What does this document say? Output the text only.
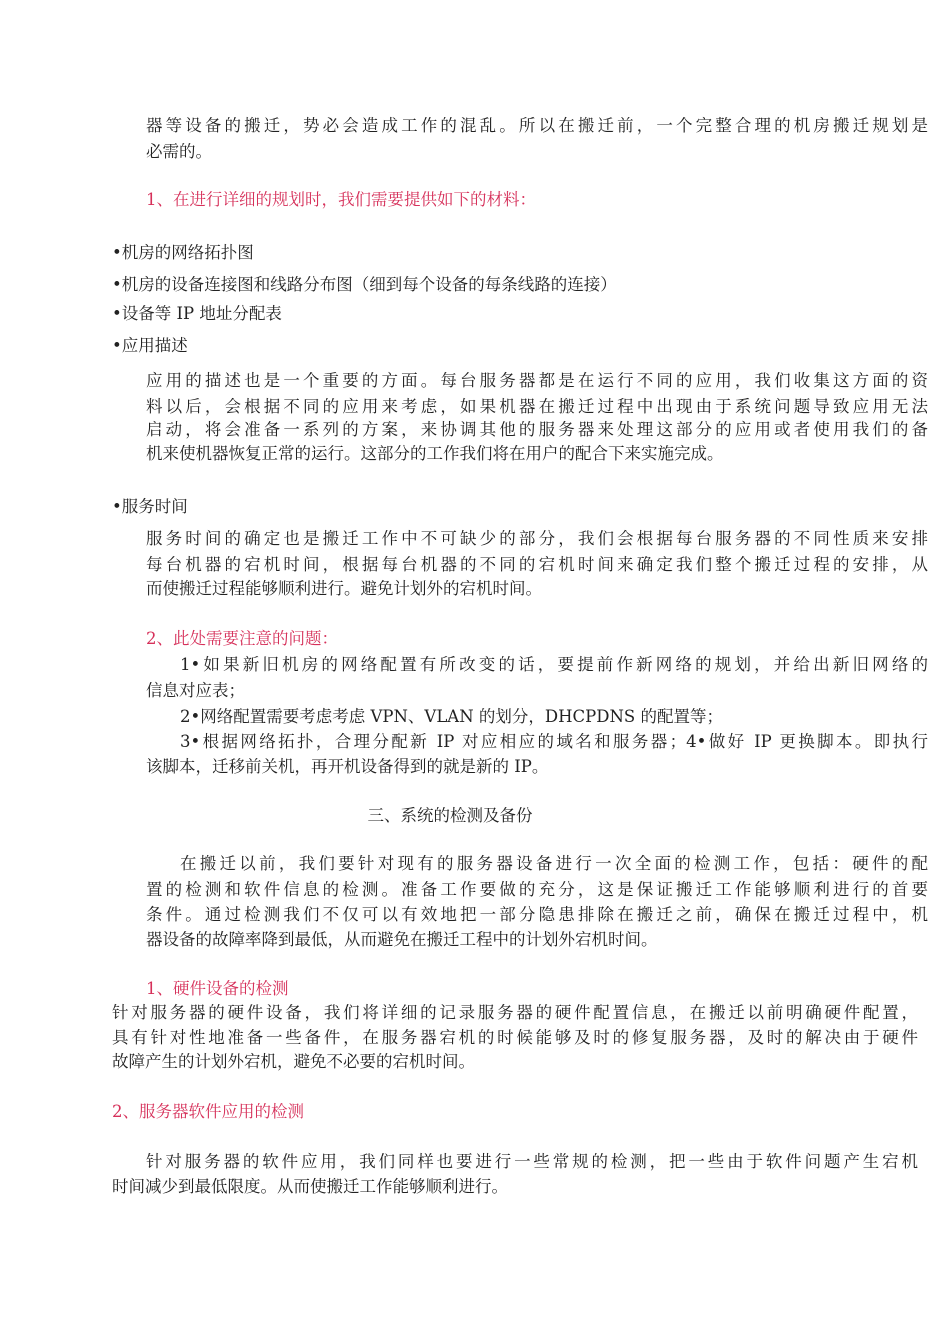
器等设备的搬迁，势必会造成工作的混乱。所以在搬迁前，一个完整合理的机房搬迁规划是
必需的。
1、在进行详细的规划时，我们需要提供如下的材料：
•机房的网络拓扑图
•机房的设备连接图和线路分布图（细到每个设备的每条线路的连接）
•设备等 IP 地址分配表
•应用描述
应用的描述也是一个重要的方面。每台服务器都是在运行不同的应用，我们收集这方面的资
料以后，会根据不同的应用来考虑，如果机器在搬迁过程中出现由于系统问题导致应用无法
启动，将会准备一系列的方案，来协调其他的服务器来处理这部分的应用或者使用我们的备
机来使机器恢复正常的运行。这部分的工作我们将在用户的配合下来实施完成。
•服务时间
服务时间的确定也是搬迁工作中不可缺少的部分，我们会根据每台服务器的不同性质来安排
每台机器的宕机时间，根据每台机器的不同的宕机时间来确定我们整个搬迁过程的安排，从
而使搬迁过程能够顺利进行。避免计划外的宕机时间。
2、此处需要注意的问题：
1•如果新旧机房的网络配置有所改变的话，要提前作新网络的规划，并给出新旧网络的
信息对应表；
2•网络配置需要考虑考虑 VPN、VLAN 的划分，DHCPDNS 的配置等；
3•根据网络拓扑，合理分配新 IP 对应相应的域名和服务器；4•做好 IP 更换脚本。即执行
该脚本，迁移前关机，再开机设备得到的就是新的 IP。
三、系统的检测及备份
在搬迁以前，我们要针对现有的服务器设备进行一次全面的检测工作，包括：硬件的配
置的检测和软件信息的检测。准备工作要做的充分，这是保证搬迁工作能够顺利进行的首要
条件。通过检测我们不仅可以有效地把一部分隐患排除在搬迁之前，确保在搬迁过程中，机
器设备的故障率降到最低，从而避免在搬迁工程中的计划外宕机时间。
1、硬件设备的检测
针对服务器的硬件设备，我们将详细的记录服务器的硬件配置信息，在搬迁以前明确硬件配置，
具有针对性地准备一些备件，在服务器宕机的时候能够及时的修复服务器，及时的解决由于硬件
故障产生的计划外宕机，避免不必要的宕机时间。
2、服务器软件应用的检测
针对服务器的软件应用，我们同样也要进行一些常规的检测，把一些由于软件问题产生宕机
时间减少到最低限度。从而使搬迁工作能够顺利进行。
